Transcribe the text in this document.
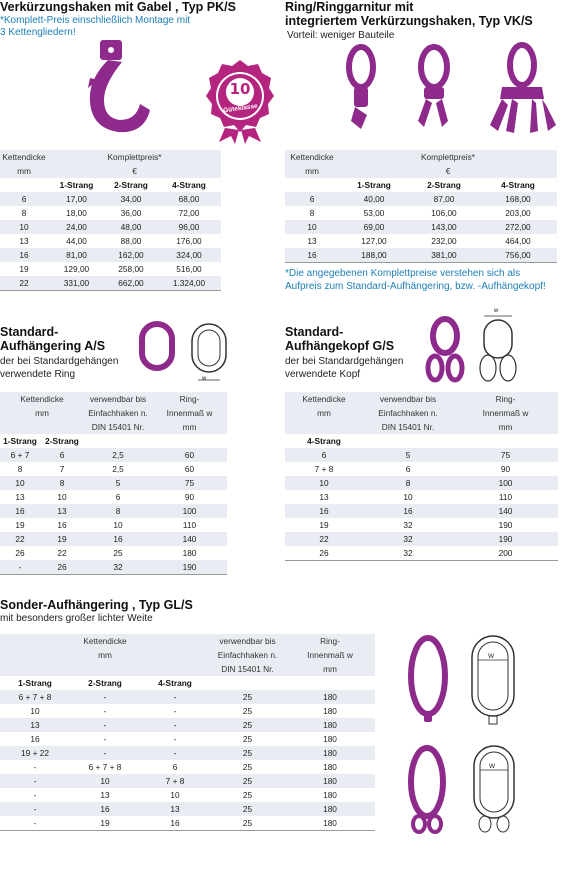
Verkürzungshaken mit Gabel , Typ PK/S
*Komplett-Preis einschließlich Montage mit
3 Kettengliedern!
10
Güteklasse
Kettendicke	Komplettpreis*		
mm	€		
	1-Strang	2-Strang	4-Strang
6	17,00	34,00	68,00
8	18,00	36,00	72,00
10	24,00	48,00	96,00
13	44,00	88,00	176,00
16	81,00	162,00	324,00
19	129,00	258,00	516,00
22	331,00	662,00	1.324,00
Ring/Ringgarnitur mit
integriertem Verkürzungshaken, Typ VK/S
Vorteil: weniger Bauteile
Kettendicke	Komplettpreis*		
mm	€		
	1-Strang	2-Strang	4-Strang
6	40,00	87,00	168,00
8	53,00	106,00	203,00
10	69,00	143,00	272,00
13	127,00	232,00	464,00
16	188,00	381,00	756,00
*Die angegebenen Komplettpreise verstehen sich als
Aufpreis zum Standard-Aufhängering, bzw. -Aufhängekopf!
Standard-
Aufhängering A/S
der bei Standardgehängen
verwendete Ring	w
Kettendicke		verwendbar bis	Ring-
mm		Einfachhaken n.	Innenmaß w
		DIN 15401 Nr.	mm
1-Strang	2-Strang		
6 + 7	6	2,5	60
8	7	2,5	60
10	8	5	75
13	10	6	90
16	13	8	100
19	16	10	110
22	19	16	140
26	22	25	180
-	26	32	190
Standard-
Aufhängekopf G/S
der bei Standardgehängen
verwendete Kopf
w
Kettendicke	verwendbar bis	Ring-
mm	Einfachhaken n.	Innenmaß w
	DIN 15401 Nr.	mm
4-Strang		
6	5	75
7 + 8	6	90
10	8	100
13	10	110
16	16	140
19	32	190
22	32	190
26	32	200
Sonder-Aufhängering , Typ GL/S
mit besonders großer lichter Weite
Kettendicke			verwendbar bis	Ring-
mm			Einfachhaken n.	Innenmaß w
			DIN 15401 Nr.	mm
1-Strang	2-Strang	4-Strang		
6 + 7 + 8	-	-	25	180
10	-	-	25	180
13	-	-	25	180
16	-	-	25	180
19 + 22	-	-	25	180
-	6 + 7 + 8	6	25	180
-	10	7 + 8	25	180
-	13	10	25	180
-	16	13	25	180
-	19	16	25	180
W
W
